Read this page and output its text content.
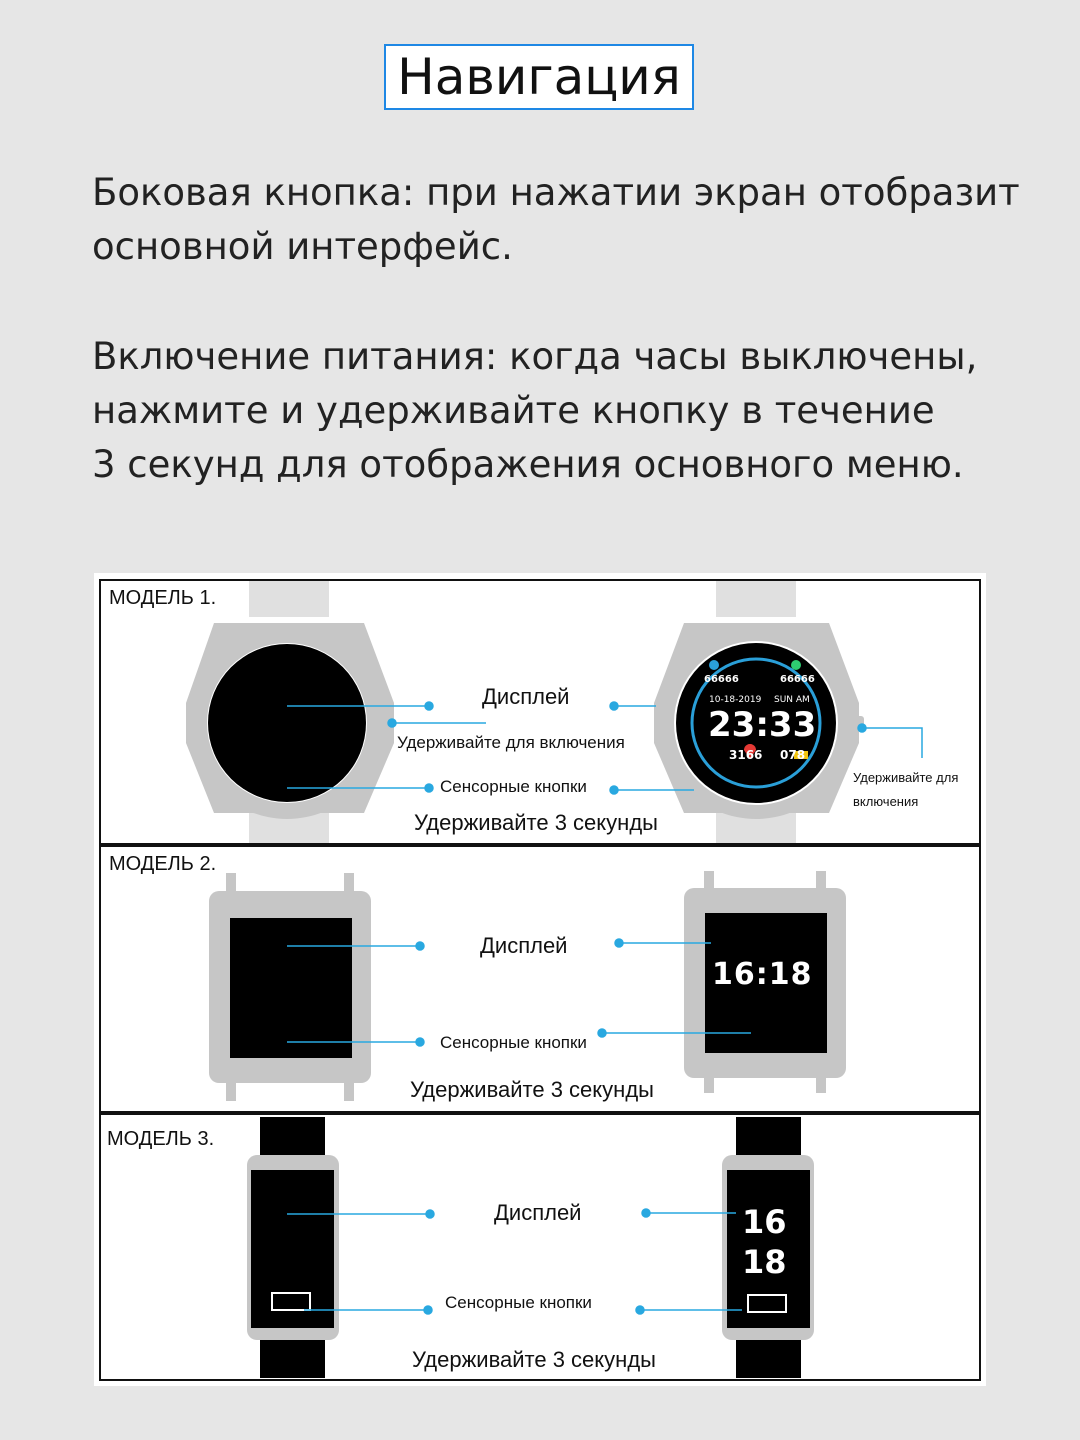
Навигация
Боковая кнопка: при нажатии экран отобразит
основной интерфейс.
Включение питания: когда часы выключены,
нажмите и удерживайте кнопку в течение
3 секунд для отображения основного меню.
МОДЕЛЬ 1.
Дисплей
Удерживайте для включения
Сенсорные кнопки
Удерживайте 3 секунды
Удерживайте для
включения
66666	66666
10-18-2019 SUN AM
23:33
3166 078
МОДЕЛЬ 2.
Дисплей
Сенсорные кнопки
Удерживайте 3 секунды
16:18
МОДЕЛЬ 3.
Дисплей
Сенсорные кнопки
Удерживайте 3 секунды
16
18
